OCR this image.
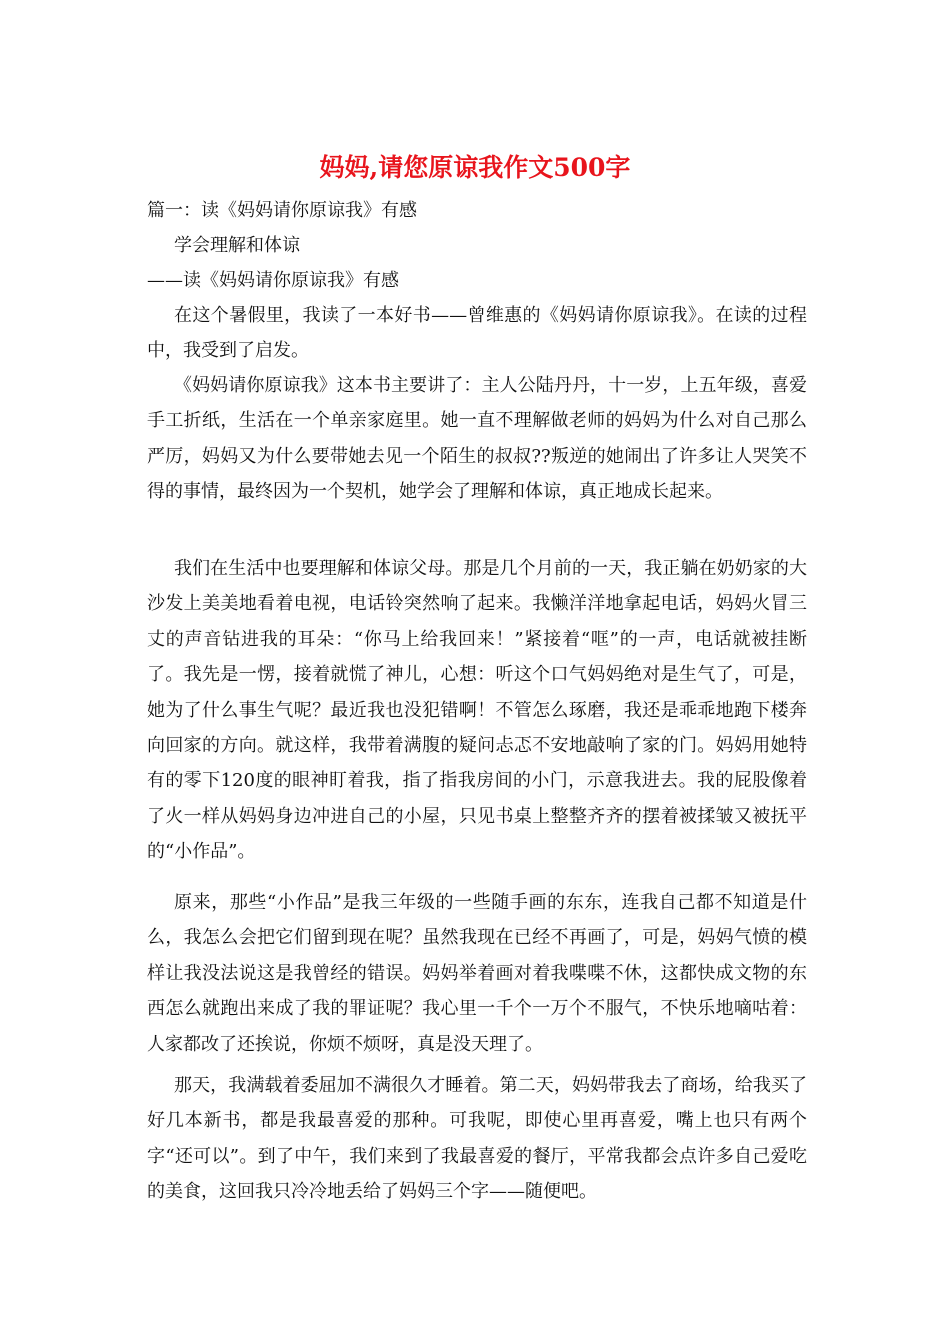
妈妈,请您原谅我作文500字

篇一：读《妈妈请你原谅我》有感

学会理解和体谅

——读《妈妈请你原谅我》有感

在这个暑假里，我读了一本好书——曾维惠的《妈妈请你原谅我》。在读的过程中，我受到了启发。

《妈妈请你原谅我》这本书主要讲了：主人公陆丹丹，十一岁，上五年级，喜爱手工折纸，生活在一个单亲家庭里。她一直不理解做老师的妈妈为什么对自己那么严厉，妈妈又为什么要带她去见一个陌生的叔叔??叛逆的她闹出了许多让人哭笑不得的事情，最终因为一个契机，她学会了理解和体谅，真正地成长起来。

我们在生活中也要理解和体谅父母。那是几个月前的一天，我正躺在奶奶家的大沙发上美美地看着电视，电话铃突然响了起来。我懒洋洋地拿起电话，妈妈火冒三丈的声音钻进我的耳朵：“你马上给我回来！”紧接着“哐”的一声，电话就被挂断了。我先是一愣，接着就慌了神儿，心想：听这个口气妈妈绝对是生气了，可是，她为了什么事生气呢？最近我也没犯错啊！不管怎么琢磨，我还是乖乖地跑下楼奔向回家的方向。就这样，我带着满腹的疑问忐忑不安地敲响了家的门。妈妈用她特有的零下120度的眼神盯着我，指了指我房间的小门，示意我进去。我的屁股像着了火一样从妈妈身边冲进自己的小屋，只见书桌上整整齐齐的摆着被揉皱又被抚平的“小作品”。

原来，那些“小作品”是我三年级的一些随手画的东东，连我自己都不知道是什么，我怎么会把它们留到现在呢？虽然我现在已经不再画了，可是，妈妈气愤的模样让我没法说这是我曾经的错误。妈妈举着画对着我喋喋不休，这都快成文物的东西怎么就跑出来成了我的罪证呢？我心里一千个一万个不服气，不快乐地嘀咕着：人家都改了还挨说，你烦不烦呀，真是没天理了。

那天，我满载着委屈加不满很久才睡着。第二天，妈妈带我去了商场，给我买了好几本新书，都是我最喜爱的那种。可我呢，即使心里再喜爱，嘴上也只有两个字“还可以”。到了中午，我们来到了我最喜爱的餐厅，平常我都会点许多自己爱吃的美食，这回我只冷冷地丢给了妈妈三个字——随便吧。
